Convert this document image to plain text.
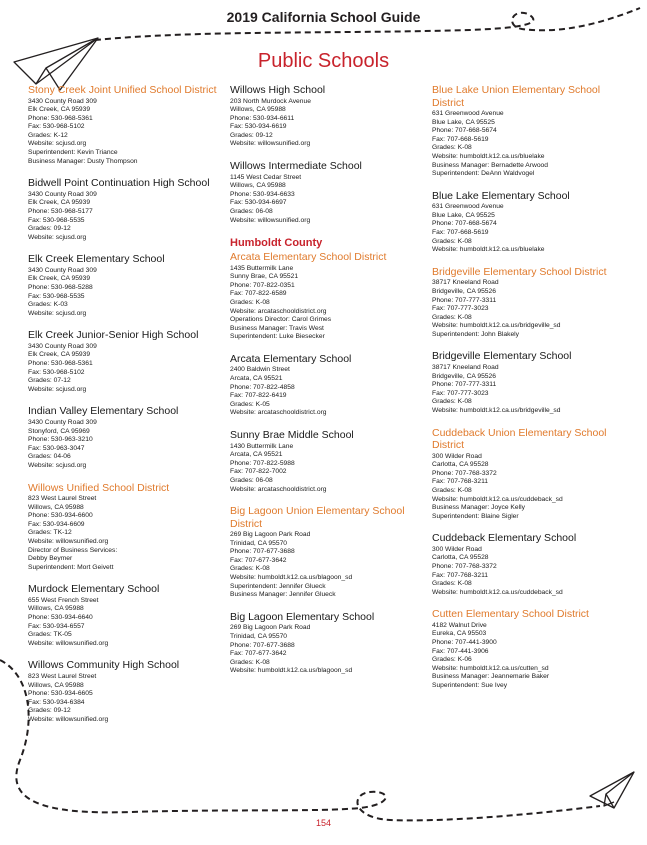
2019 California School Guide
Public Schools
Stony Creek Joint Unified School District
3430 County Road 309
Elk Creek, CA 95939
Phone: 530-968-5361
Fax: 530-968-5102
Grades: K-12
Website: scjusd.org
Superintendent: Kevin Triance
Business Manager: Dusty Thompson
Bidwell Point Continuation High School
3430 County Road 309
Elk Creek, CA 95939
Phone: 530-968-5177
Fax: 530-968-5535
Grades: 09-12
Website: scjusd.org
Elk Creek Elementary School
3430 County Road 309
Elk Creek, CA 95939
Phone: 530-968-5288
Fax: 530-968-5535
Grades: K-03
Website: scjusd.org
Elk Creek Junior-Senior High School
3430 County Road 309
Elk Creek, CA 95939
Phone: 530-968-5361
Fax: 530-968-5102
Grades: 07-12
Website: scjusd.org
Indian Valley Elementary School
3430 County Road 309
Stonyford, CA 95969
Phone: 530-963-3210
Fax: 530-963-3047
Grades: 04-06
Website: scjusd.org
Willows Unified School District
823 West Laurel Street
Willows, CA 95988
Phone: 530-934-6600
Fax: 530-934-6609
Grades: TK-12
Website: willowsunified.org
Director of Business Services:
Debby Beymer
Superintendent: Mort Geivett
Murdock Elementary School
655 West French Street
Willows, CA 95988
Phone: 530-934-6640
Fax: 530-934-6557
Grades: TK-05
Website: willowsunified.org
Willows Community High School
823 West Laurel Street
Willows, CA 95988
Phone: 530-934-6605
Fax: 530-934-6384
Grades: 09-12
Website: willowsunified.org
Willows High School
203 North Murdock Avenue
Willows, CA 95988
Phone: 530-934-6611
Fax: 530-934-6619
Grades: 09-12
Website: willowsunified.org
Willows Intermediate School
1145 West Cedar Street
Willows, CA 95988
Phone: 530-934-6633
Fax: 530-934-6697
Grades: 06-08
Website: willowsunified.org
Humboldt County
Arcata Elementary School District
1435 Buttermilk Lane
Sunny Brae, CA 95521
Phone: 707-822-0351
Fax: 707-822-6589
Grades: K-08
Website: arcataschooldistrict.org
Operations Director: Carol Grimes
Business Manager: Travis West
Superintendent: Luke Biesecker
Arcata Elementary School
2400 Baldwin Street
Arcata, CA 95521
Phone: 707-822-4858
Fax: 707-822-6419
Grades: K-05
Website: arcataschooldistrict.org
Sunny Brae Middle School
1430 Buttermilk Lane
Arcata, CA 95521
Phone: 707-822-5988
Fax: 707-822-7002
Grades: 06-08
Website: arcataschooldistrict.org
Big Lagoon Union Elementary School District
269 Big Lagoon Park Road
Trinidad, CA 95570
Phone: 707-677-3688
Fax: 707-677-3642
Grades: K-08
Website: humboldt.k12.ca.us/blagoon_sd
Superintendent: Jennifer Glueck
Business Manager: Jennifer Glueck
Big Lagoon Elementary School
269 Big Lagoon Park Road
Trinidad, CA 95570
Phone: 707-677-3688
Fax: 707-677-3642
Grades: K-08
Website: humboldt.k12.ca.us/blagoon_sd
Blue Lake Union Elementary School District
631 Greenwood Avenue
Blue Lake, CA 95525
Phone: 707-668-5674
Fax: 707-668-5619
Grades: K-08
Website: humboldt.k12.ca.us/bluelake
Business Manager: Bernadette Arwood
Superintendent: DeAnn Waldvogel
Blue Lake Elementary School
631 Greenwood Avenue
Blue Lake, CA 95525
Phone: 707-668-5674
Fax: 707-668-5619
Grades: K-08
Website: humboldt.k12.ca.us/bluelake
Bridgeville Elementary School District
38717 Kneeland Road
Bridgeville, CA 95526
Phone: 707-777-3311
Fax: 707-777-3023
Grades: K-08
Website: humboldt.k12.ca.us/bridgeville_sd
Superintendent: John Blakely
Bridgeville Elementary School
38717 Kneeland Road
Bridgeville, CA 95526
Phone: 707-777-3311
Fax: 707-777-3023
Grades: K-08
Website: humboldt.k12.ca.us/bridgeville_sd
Cuddeback Union Elementary School District
300 Wilder Road
Carlotta, CA 95528
Phone: 707-768-3372
Fax: 707-768-3211
Grades: K-08
Website: humboldt.k12.ca.us/cuddeback_sd
Business Manager: Joyce Kelly
Superintendent: Blaine Sigler
Cuddeback Elementary School
300 Wilder Road
Carlotta, CA 95528
Phone: 707-768-3372
Fax: 707-768-3211
Grades: K-08
Website: humboldt.k12.ca.us/cuddeback_sd
Cutten Elementary School District
4182 Walnut Drive
Eureka, CA 95503
Phone: 707-441-3900
Fax: 707-441-3906
Grades: K-06
Website: humboldt.k12.ca.us/cutten_sd
Business Manager: Jeannemarie Baker
Superintendent: Sue Ivey
154
